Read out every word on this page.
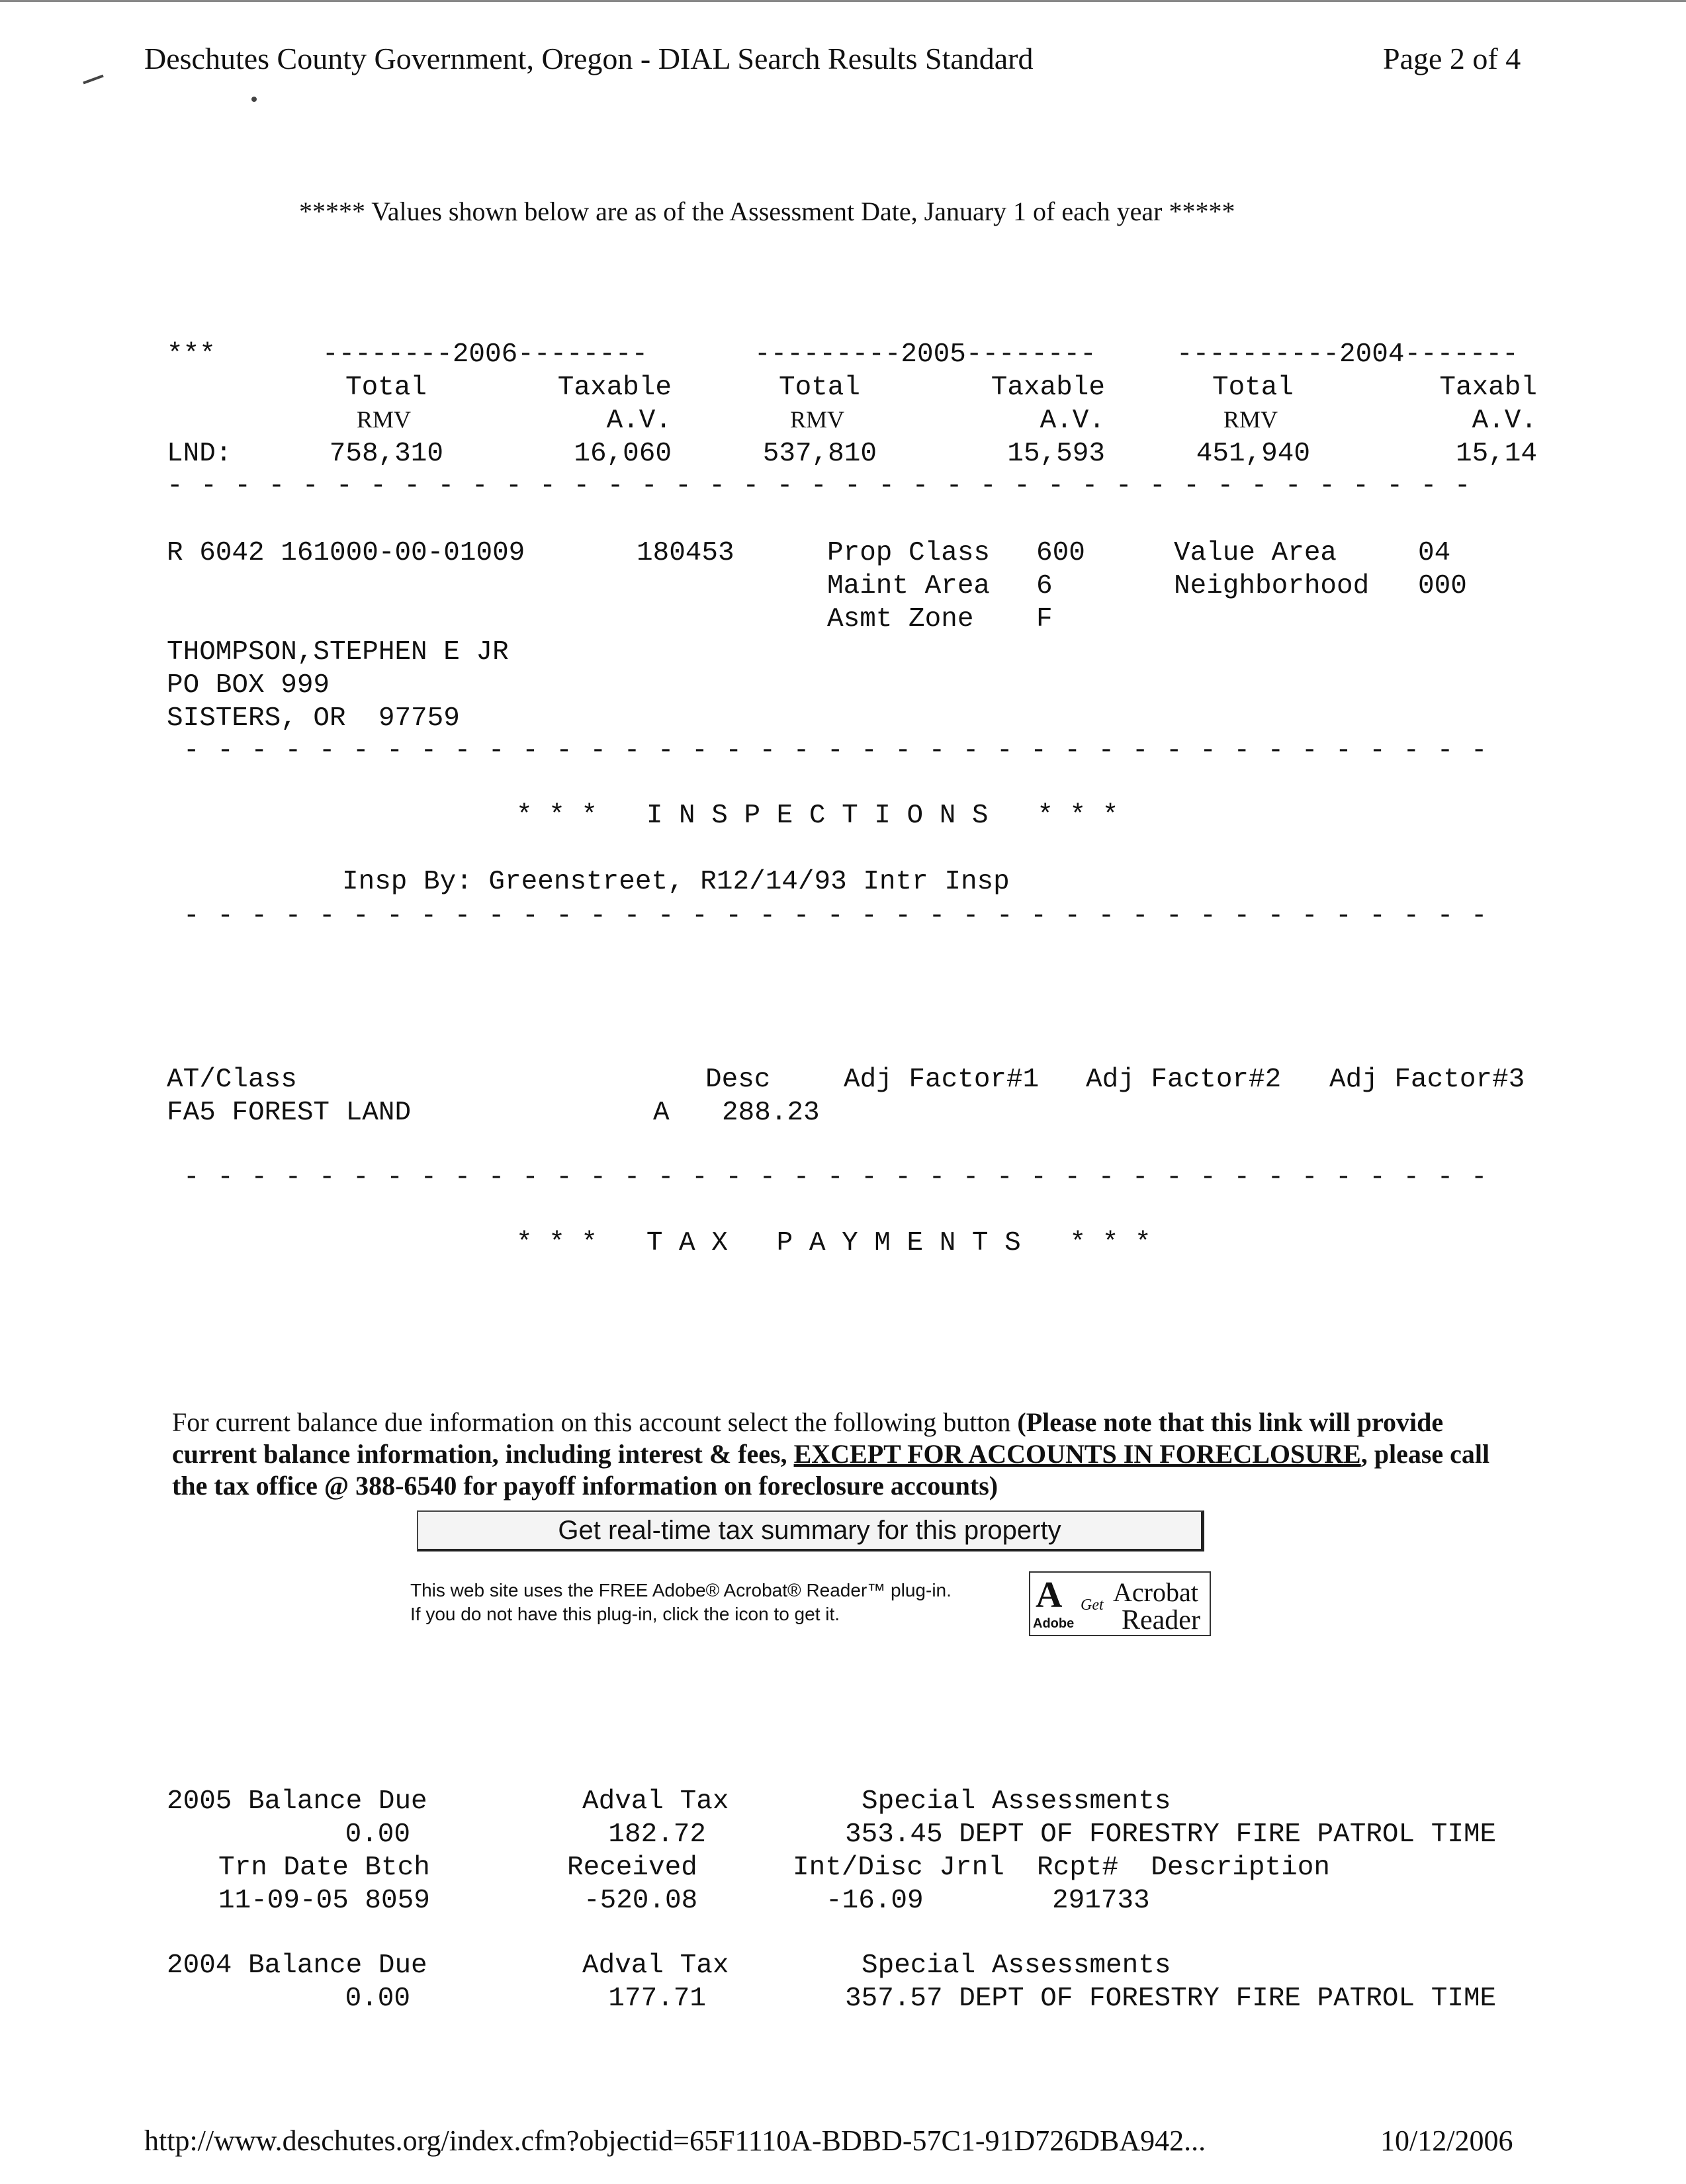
Deschutes County Government, Oregon - DIAL Search Results Standard	Page 2 of 4
***** Values shown below are as of the Assessment Date, January 1 of each year *****
***	--------2006--------	---------2005--------	----------2004-------
Total	Taxable	Total	Taxable	Total	Taxabl
RMV	A.V.	RMV	A.V.	RMV	A.V.
LND:	758,310	16,060	537,810	15,593	451,940	15,14
- - - - - - - - - - - - - - - - - - - - - - - - - - - - - - - - - - - - - - -
R 6042 161000-00-01009	180453	Prop Class 600	Value Area	04
Maint Area 6	Neighborhood 000
Asmt Zone F
THOMPSON,STEPHEN E JR
PO BOX 999
SISTERS, OR  97759
- - - - - - - - - - - - - - - - - - - - - - - - - - - - - - - - - - - - - - -
* * *   I N S P E C T I O N S   * * *
Insp By: Greenstreet, R12/14/93 Intr Insp
- - - - - - - - - - - - - - - - - - - - - - - - - - - - - - - - - - - - - - -
AT/Class	Desc	Adj Factor#1 Adj Factor#2 Adj Factor#3
FA5 FOREST LAND	A 288.23
- - - - - - - - - - - - - - - - - - - - - - - - - - - - - - - - - - - - - - -
* * *   T A X   P A Y M E N T S   * * *
For current balance due information on this account select the following button (Please note that this link will provide current balance information, including interest & fees, EXCEPT FOR ACCOUNTS IN FORECLOSURE, please call the tax office @ 388-6540 for payoff information on foreclosure accounts)
Get real-time tax summary for this property
This web site uses the FREE Adobe® Acrobat® Reader™ plug-in.
If you do not have this plug-in, click the icon to get it.	A
Adobe
Get Acrobat
Reader
2005 Balance Due	Adval Tax	Special Assessments
0.00	182.72	353.45 DEPT OF FORESTRY FIRE PATROL TIME
Trn Date Btch	Received	Int/Disc Jrnl  Rcpt#  Description
11-09-05 8059	-520.08	-16.09	291733
2004 Balance Due	Adval Tax	Special Assessments
0.00	177.71	357.57 DEPT OF FORESTRY FIRE PATROL TIME
http://www.deschutes.org/index.cfm?objectid=65F1110A-BDBD-57C1-91D726DBA942...	10/12/2006
